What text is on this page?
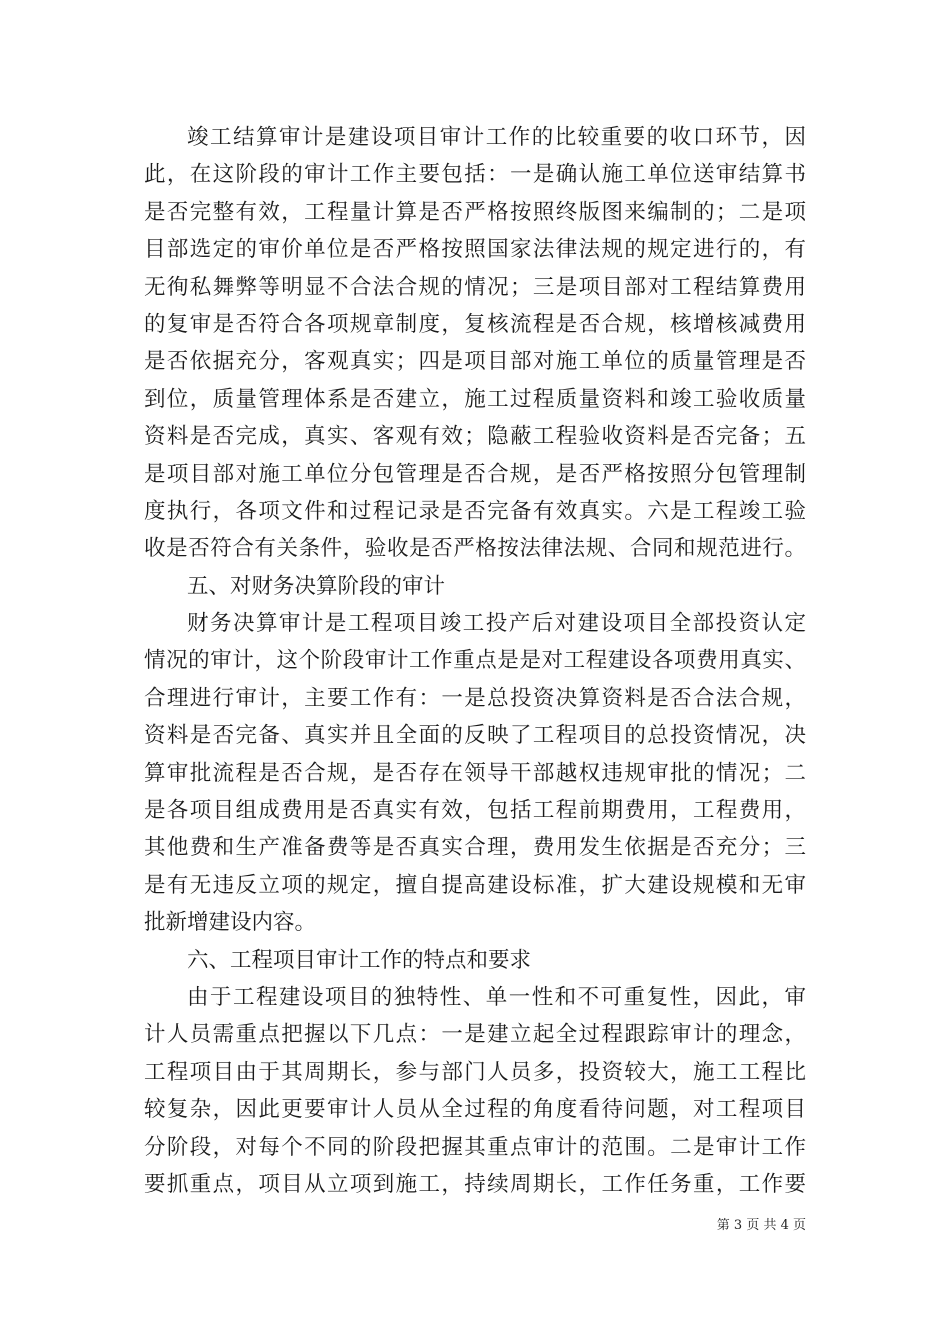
竣工结算审计是建设项目审计工作的比较重要的收口环节，因
此，在这阶段的审计工作主要包括：一是确认施工单位送审结算书
是否完整有效，工程量计算是否严格按照终版图来编制的；二是项
目部选定的审价单位是否严格按照国家法律法规的规定进行的，有
无徇私舞弊等明显不合法合规的情况；三是项目部对工程结算费用
的复审是否符合各项规章制度，复核流程是否合规，核增核减费用
是否依据充分，客观真实；四是项目部对施工单位的质量管理是否
到位，质量管理体系是否建立，施工过程质量资料和竣工验收质量
资料是否完成，真实、客观有效；隐蔽工程验收资料是否完备；五
是项目部对施工单位分包管理是否合规，是否严格按照分包管理制
度执行，各项文件和过程记录是否完备有效真实。六是工程竣工验
收是否符合有关条件，验收是否严格按法律法规、合同和规范进行。
五、对财务决算阶段的审计
财务决算审计是工程项目竣工投产后对建设项目全部投资认定
情况的审计，这个阶段审计工作重点是是对工程建设各项费用真实、
合理进行审计，主要工作有：一是总投资决算资料是否合法合规，
资料是否完备、真实并且全面的反映了工程项目的总投资情况，决
算审批流程是否合规，是否存在领导干部越权违规审批的情况；二
是各项目组成费用是否真实有效，包括工程前期费用，工程费用，
其他费和生产准备费等是否真实合理，费用发生依据是否充分；三
是有无违反立项的规定，擅自提高建设标准，扩大建设规模和无审
批新增建设内容。
六、工程项目审计工作的特点和要求
由于工程建设项目的独特性、单一性和不可重复性，因此，审
计人员需重点把握以下几点：一是建立起全过程跟踪审计的理念，
工程项目由于其周期长，参与部门人员多，投资较大，施工工程比
较复杂，因此更要审计人员从全过程的角度看待问题，对工程项目
分阶段，对每个不同的阶段把握其重点审计的范围。二是审计工作
要抓重点，项目从立项到施工，持续周期长，工作任务重，工作要
第 3 页 共 4 页
